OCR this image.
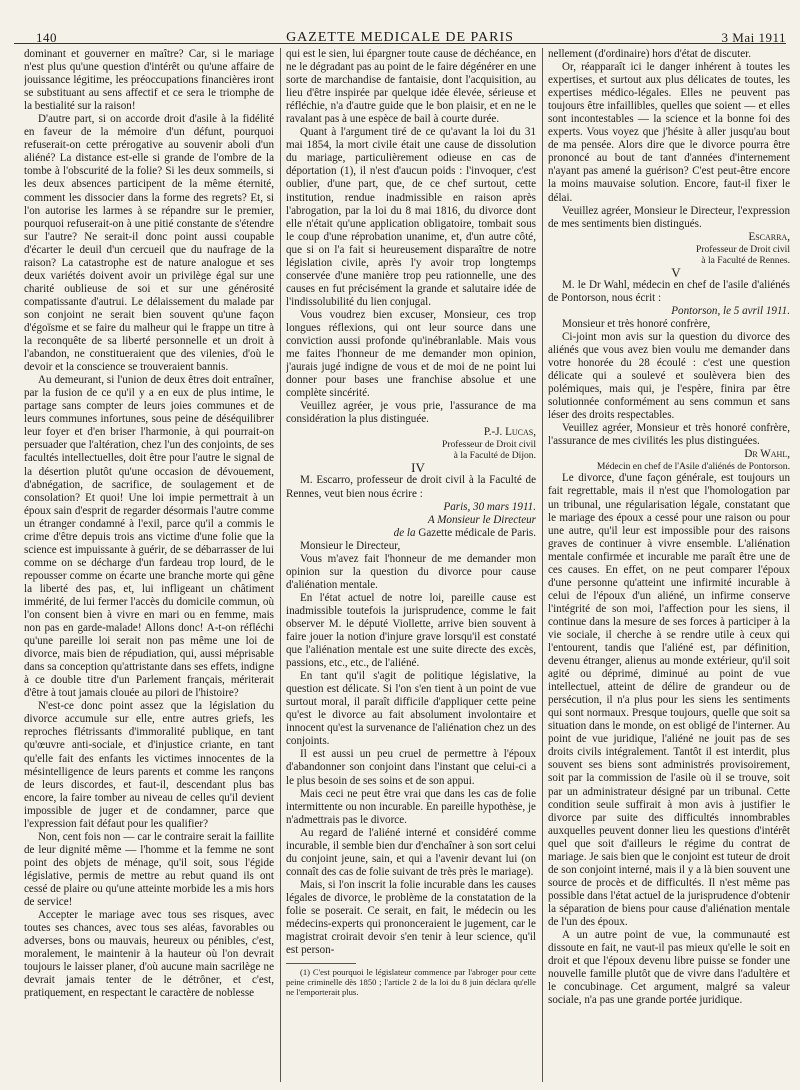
140	GAZETTE MEDICALE DE PARIS	3 Mai 1911

dominant et gouverner en maître? Car, si le mariage n'est plus qu'une question d'intérêt ou qu'une affaire de jouissance légitime, les préoccupations financières iront se substituant au sens affectif et ce sera le triomphe de la bestialité sur la raison!

D'autre part, si on accorde droit d'asile à la fidélité en faveur de la mémoire d'un défunt, pourquoi refuserait-on cette prérogative au souvenir aboli d'un aliéné? La distance est-elle si grande de l'ombre de la tombe à l'obscurité de la folie? Si les deux sommeils, si les deux absences participent de la même éternité, comment les dissocier dans la forme des regrets? Et, si l'on autorise les larmes à se répandre sur le premier, pourquoi refuserait-on à une pitié constante de s'étendre sur l'autre? Ne serait-il donc point aussi coupable d'écarter le deuil d'un cercueil que du naufrage de la raison? La catastrophe est de nature analogue et ses deux variétés doivent avoir un privilège égal sur une charité oublieuse de soi et sur une générosité compatissante d'autrui. Le délaissement du malade par son conjoint ne serait bien souvent qu'une façon d'égoïsme et se faire du malheur qui le frappe un titre à la reconquête de sa liberté personnelle et un droit à l'abandon, ne constitueraient que des vilenies, d'où le devoir et la conscience se trouveraient bannis.

Au demeurant, si l'union de deux êtres doit entraîner, par la fusion de ce qu'il y a en eux de plus intime, le partage sans compter de leurs joies communes et de leurs communes infortunes, sous peine de déséquilibrer leur foyer et d'en briser l'harmonie, à qui pourrait-on persuader que l'altération, chez l'un des conjoints, de ses facultés intellectuelles, doit être pour l'autre le signal de la désertion plutôt qu'une occasion de dévouement, d'abnégation, de sacrifice, de soulagement et de consolation? Et quoi! Une loi impie permettrait à un époux sain d'esprit de regarder désormais l'autre comme un étranger condamné à l'exil, parce qu'il a commis le crime d'être depuis trois ans victime d'une folie que la science est impuissante à guérir, de se débarrasser de lui comme on se décharge d'un fardeau trop lourd, de le repousser comme on écarte une branche morte qui gêne la liberté des pas, et, lui infligeant un châtiment immérité, de lui fermer l'accès du domicile commun, où l'on consent bien à vivre en mari ou en femme, mais non pas en garde-malade! Allons donc! A-t-on réfléchi qu'une pareille loi serait non pas même une loi de divorce, mais bien de répudiation, qui, aussi méprisable dans sa conception qu'attristante dans ses effets, indigne à ce double titre d'un Parlement français, mériterait d'être à tout jamais clouée au pilori de l'histoire?

N'est-ce donc point assez que la législation du divorce accumule sur elle, entre autres griefs, les reproches flétrissants d'immoralité publique, en tant qu'œuvre anti-sociale, et d'injustice criante, en tant qu'elle fait des enfants les victimes innocentes de la mésintelligence de leurs parents et comme les rançons de leurs discordes, et faut-il, descendant plus bas encore, la faire tomber au niveau de celles qu'il devient impossible de juger et de condamner, parce que l'expression fait défaut pour les qualifier?

Non, cent fois non — car le contraire serait la faillite de leur dignité même — l'homme et la femme ne sont point des objets de ménage, qu'il soit, sous l'égide législative, permis de mettre au rebut quand ils ont cessé de plaire ou qu'une atteinte morbide les a mis hors de service!

Accepter le mariage avec tous ses risques, avec toutes ses chances, avec tous ses aléas, favorables ou adverses, bons ou mauvais, heureux ou pénibles, c'est, moralement, le maintenir à la hauteur où l'on devrait toujours le laisser planer, d'où aucune main sacrilège ne devrait jamais tenter de le détrôner, et c'est, pratiquement, en respectant le caractère de noblesse

qui est le sien, lui épargner toute cause de déchéance, en ne le dégradant pas au point de le faire dégénérer en une sorte de marchandise de fantaisie, dont l'acquisition, au lieu d'être inspirée par quelque idée élevée, sérieuse et réfléchie, n'a d'autre guide que le bon plaisir, et en ne le ravalant pas à une espèce de bail à courte durée.

Quant à l'argument tiré de ce qu'avant la loi du 31 mai 1854, la mort civile était une cause de dissolution du mariage, particulièrement odieuse en cas de déportation (1), il n'est d'aucun poids : l'invoquer, c'est oublier, d'une part, que, de ce chef surtout, cette institution, rendue inadmissible en raison après l'abrogation, par la loi du 8 mai 1816, du divorce dont elle n'était qu'une application obligatoire, tombait sous le coup d'une réprobation unanime, et, d'un autre côté, que si on l'a fait si heureusement disparaître de notre législation civile, après l'y avoir trop longtemps conservée d'une manière trop peu rationnelle, une des causes en fut précisément la grande et salutaire idée de l'indissolubilité du lien conjugal.

Vous voudrez bien excuser, Monsieur, ces trop longues réflexions, qui ont leur source dans une conviction aussi profonde qu'inébranlable. Mais vous me faites l'honneur de me demander mon opinion, j'aurais jugé indigne de vous et de moi de ne point lui donner pour bases une franchise absolue et une complète sincérité.

Veuillez agréer, je vous prie, l'assurance de ma considération la plus distinguée.

P.-J. Lucas,

Professeur de Droit civil
à la Faculté de Dijon.

IV

M. Escarro, professeur de droit civil à la Faculté de Rennes, veut bien nous écrire :

Paris, 30 mars 1911.

A Monsieur le Directeur

de la Gazette médicale de Paris.

Monsieur le Directeur,

Vous m'avez fait l'honneur de me demander mon opinion sur la question du divorce pour cause d'aliénation mentale.

En l'état actuel de notre loi, pareille cause est inadmissible toutefois la jurisprudence, comme le fait observer M. le député Viollette, arrive bien souvent à faire jouer la notion d'injure grave lorsqu'il est constaté que l'aliénation mentale est une suite directe des excès, passions, etc., etc., de l'aliéné.

En tant qu'il s'agit de politique législative, la question est délicate. Si l'on s'en tient à un point de vue surtout moral, il paraît difficile d'appliquer cette peine qu'est le divorce au fait absolument involontaire et innocent qu'est la survenance de l'aliénation chez un des conjoints.

Il est aussi un peu cruel de permettre à l'époux d'abandonner son conjoint dans l'instant que celui-ci a le plus besoin de ses soins et de son appui.

Mais ceci ne peut être vrai que dans les cas de folie intermittente ou non incurable. En pareille hypothèse, je n'admettrais pas le divorce.

Au regard de l'aliéné interné et considéré comme incurable, il semble bien dur d'enchaîner à son sort celui du conjoint jeune, sain, et qui a l'avenir devant lui (on connaît des cas de folie suivant de très près le mariage).

Mais, si l'on inscrit la folie incurable dans les causes légales de divorce, le problème de la constatation de la folie se poserait. Ce serait, en fait, le médecin ou les médecins-experts qui prononceraient le jugement, car le magistrat croirait devoir s'en tenir à leur science, qu'il est person-

(1) C'est pourquoi le législateur commence par l'abroger pour cette peine criminelle dès 1850 ; l'article 2 de la loi du 8 juin déclara qu'elle ne l'emporterait plus.

nellement (d'ordinaire) hors d'état de discuter.

Or, réapparaît ici le danger inhérent à toutes les expertises, et surtout aux plus délicates de toutes, les expertises médico-légales. Elles ne peuvent pas toujours être infaillibles, quelles que soient — et elles sont incontestables — la science et la bonne foi des experts. Vous voyez que j'hésite à aller jusqu'au bout de ma pensée. Alors dire que le divorce pourra être prononcé au bout de tant d'années d'internement n'ayant pas amené la guérison? C'est peut-être encore la moins mauvaise solution. Encore, faut-il fixer le délai.

Veuillez agréer, Monsieur le Directeur, l'expression de mes sentiments bien distingués.

Escarra,

Professeur de Droit civil
à la Faculté de Rennes.

V

M. le Dr Wahl, médecin en chef de l'asile d'aliénés de Pontorson, nous écrit :

Pontorson, le 5 avril 1911.

Monsieur et très honoré confrère,

Ci-joint mon avis sur la question du divorce des aliénés que vous avez bien voulu me demander dans votre honorée du 28 écoulé : c'est une question délicate qui a soulevé et soulèvera bien des polémiques, mais qui, je l'espère, finira par être solutionnée conformément au sens commun et sans léser des droits respectables.

Veuillez agréer, Monsieur et très honoré confrère, l'assurance de mes civilités les plus distinguées.

Dr Wahl,

Médecin en chef de l'Asile d'aliénés de Pontorson.

Le divorce, d'une façon générale, est toujours un fait regrettable, mais il n'est que l'homologation par un tribunal, une régularisation légale, constatant que le mariage des époux a cessé pour une raison ou pour une autre, qu'il leur est impossible pour des raisons graves de continuer à vivre ensemble. L'aliénation mentale confirmée et incurable me paraît être une de ces causes. En effet, on ne peut comparer l'époux d'une personne qu'atteint une infirmité incurable à celui de l'époux d'un aliéné, un infirme conserve l'intégrité de son moi, l'affection pour les siens, il continue dans la mesure de ses forces à participer à la vie sociale, il cherche à se rendre utile à ceux qui l'entourent, tandis que l'aliéné est, par définition, devenu étranger, alienus au monde extérieur, qu'il soit agité ou déprimé, diminué au point de vue intellectuel, atteint de délire de grandeur ou de persécution, il n'a plus pour les siens les sentiments qui sont normaux. Presque toujours, quelle que soit sa situation dans le monde, on est obligé de l'interner. Au point de vue juridique, l'aliéné ne jouit pas de ses droits civils intégralement. Tantôt il est interdit, plus souvent ses biens sont administrés provisoirement, soit par la commission de l'asile où il se trouve, soit par un administrateur désigné par un tribunal. Cette condition seule suffirait à mon avis à justifier le divorce par suite des difficultés innombrables auxquelles peuvent donner lieu les questions d'intérêt quel que soit d'ailleurs le régime du contrat de mariage. Je sais bien que le conjoint est tuteur de droit de son conjoint interné, mais il y a là bien souvent une source de procès et de difficultés. Il n'est même pas possible dans l'état actuel de la jurisprudence d'obtenir la séparation de biens pour cause d'aliénation mentale de l'un des époux.

A un autre point de vue, la communauté est dissoute en fait, ne vaut-il pas mieux qu'elle le soit en droit et que l'époux devenu libre puisse se fonder une nouvelle famille plutôt que de vivre dans l'adultère et le concubinage. Cet argument, malgré sa valeur sociale, n'a pas une grande portée juridique.
